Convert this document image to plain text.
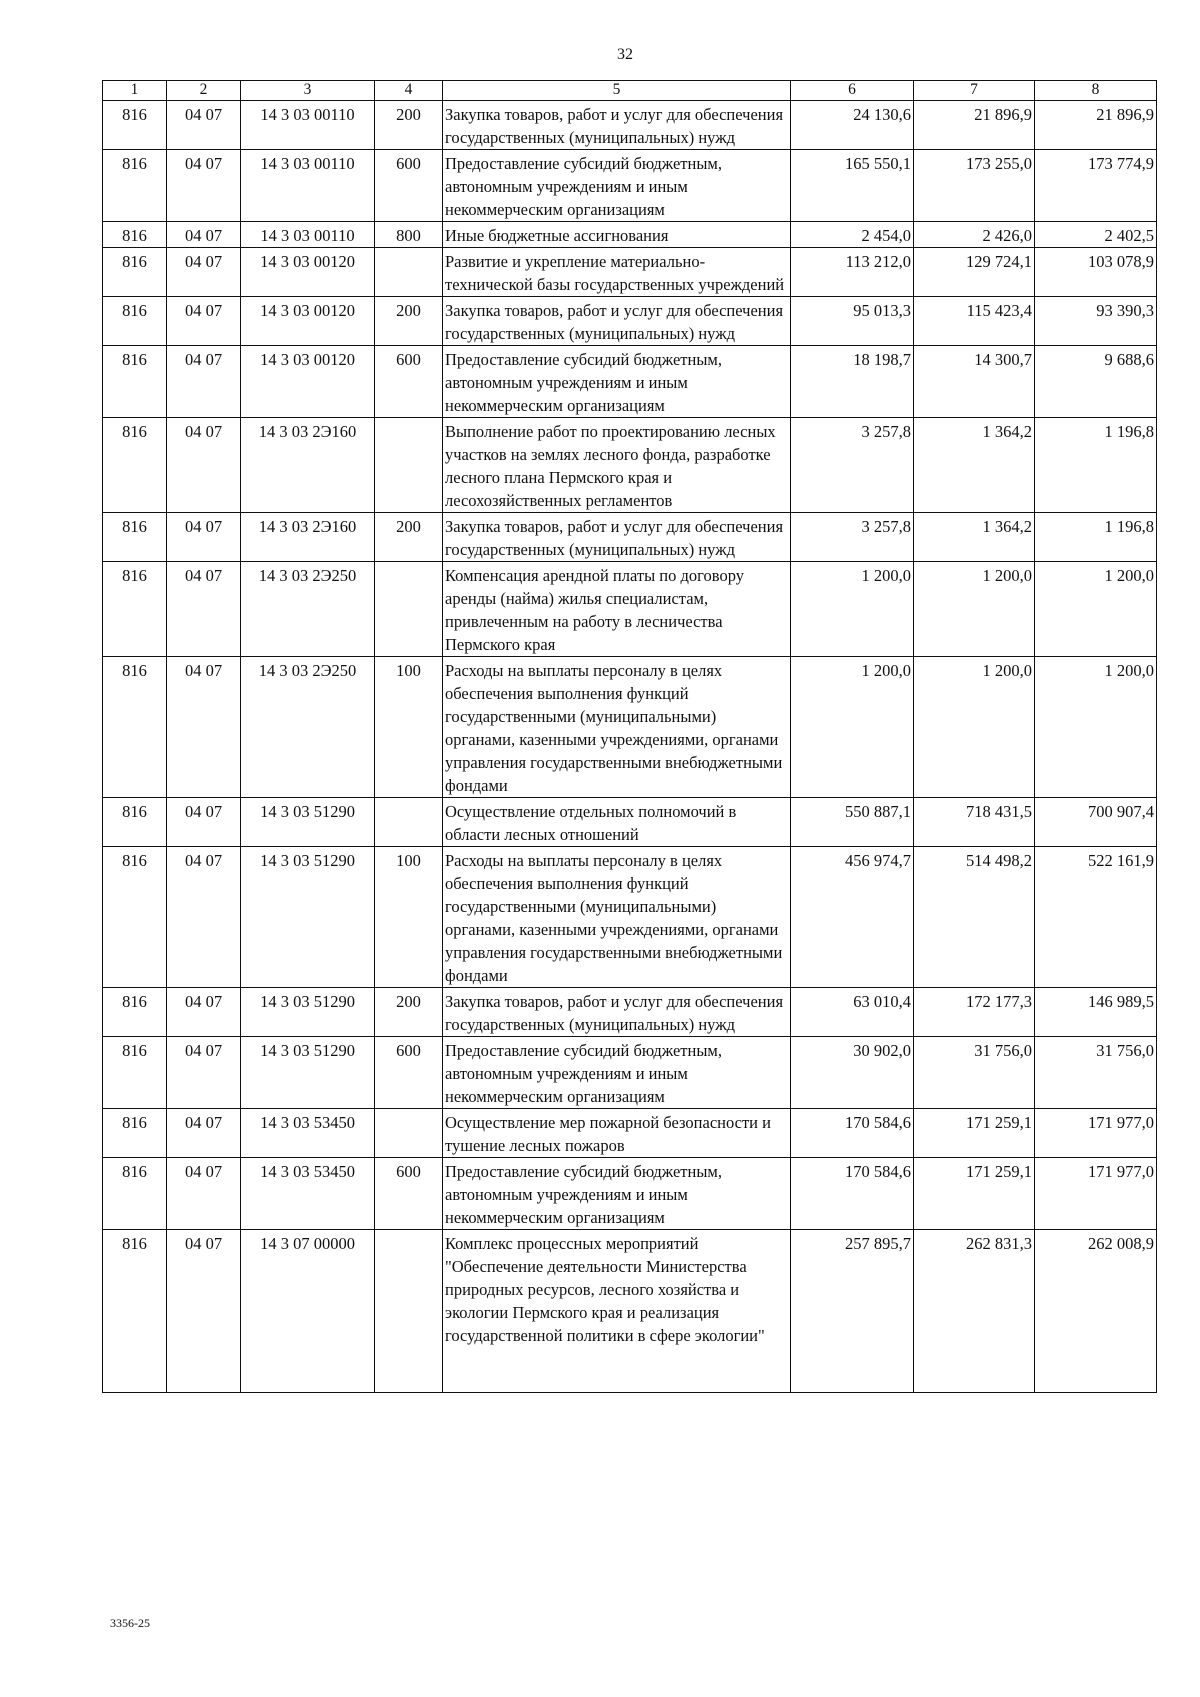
32
1	2	3	4	5	6	7	8
816	04 07	14 3 03 00110	200	Закупка товаров, работ и услуг для обеспечения государственных (муниципальных) нужд	24 130,6	21 896,9	21 896,9
816	04 07	14 3 03 00110	600	Предоставление субсидий бюджетным, автономным учреждениям и иным некоммерческим организациям	165 550,1	173 255,0	173 774,9
816	04 07	14 3 03 00110	800	Иные бюджетные ассигнования	2 454,0	2 426,0	2 402,5
816	04 07	14 3 03 00120		Развитие и укрепление материально-технической базы государственных учреждений	113 212,0	129 724,1	103 078,9
816	04 07	14 3 03 00120	200	Закупка товаров, работ и услуг для обеспечения государственных (муниципальных) нужд	95 013,3	115 423,4	93 390,3
816	04 07	14 3 03 00120	600	Предоставление субсидий бюджетным, автономным учреждениям и иным некоммерческим организациям	18 198,7	14 300,7	9 688,6
816	04 07	14 3 03 2Э160		Выполнение работ по проектированию лесных участков на землях лесного фонда, разработке лесного плана Пермского края и лесохозяйственных регламентов	3 257,8	1 364,2	1 196,8
816	04 07	14 3 03 2Э160	200	Закупка товаров, работ и услуг для обеспечения государственных (муниципальных) нужд	3 257,8	1 364,2	1 196,8
816	04 07	14 3 03 2Э250		Компенсация арендной платы по договору аренды (найма) жилья специалистам, привлеченным на работу в лесничества Пермского края	1 200,0	1 200,0	1 200,0
816	04 07	14 3 03 2Э250	100	Расходы на выплаты персоналу в целях обеспечения выполнения функций государственными (муниципальными) органами, казенными учреждениями, органами управления государственными внебюджетными фондами	1 200,0	1 200,0	1 200,0
816	04 07	14 3 03 51290		Осуществление отдельных полномочий в области лесных отношений	550 887,1	718 431,5	700 907,4
816	04 07	14 3 03 51290	100	Расходы на выплаты персоналу в целях обеспечения выполнения функций государственными (муниципальными) органами, казенными учреждениями, органами управления государственными внебюджетными фондами	456 974,7	514 498,2	522 161,9
816	04 07	14 3 03 51290	200	Закупка товаров, работ и услуг для обеспечения государственных (муниципальных) нужд	63 010,4	172 177,3	146 989,5
816	04 07	14 3 03 51290	600	Предоставление субсидий бюджетным, автономным учреждениям и иным некоммерческим организациям	30 902,0	31 756,0	31 756,0
816	04 07	14 3 03 53450		Осуществление мер пожарной безопасности и тушение лесных пожаров	170 584,6	171 259,1	171 977,0
816	04 07	14 3 03 53450	600	Предоставление субсидий бюджетным, автономным учреждениям и иным некоммерческим организациям	170 584,6	171 259,1	171 977,0
816	04 07	14 3 07 00000		Комплекс процессных мероприятий "Обеспечение деятельности Министерства природных ресурсов, лесного хозяйства и экологии Пермского края и реализация государственной политики в сфере экологии"	257 895,7	262 831,3	262 008,9
3356-25
